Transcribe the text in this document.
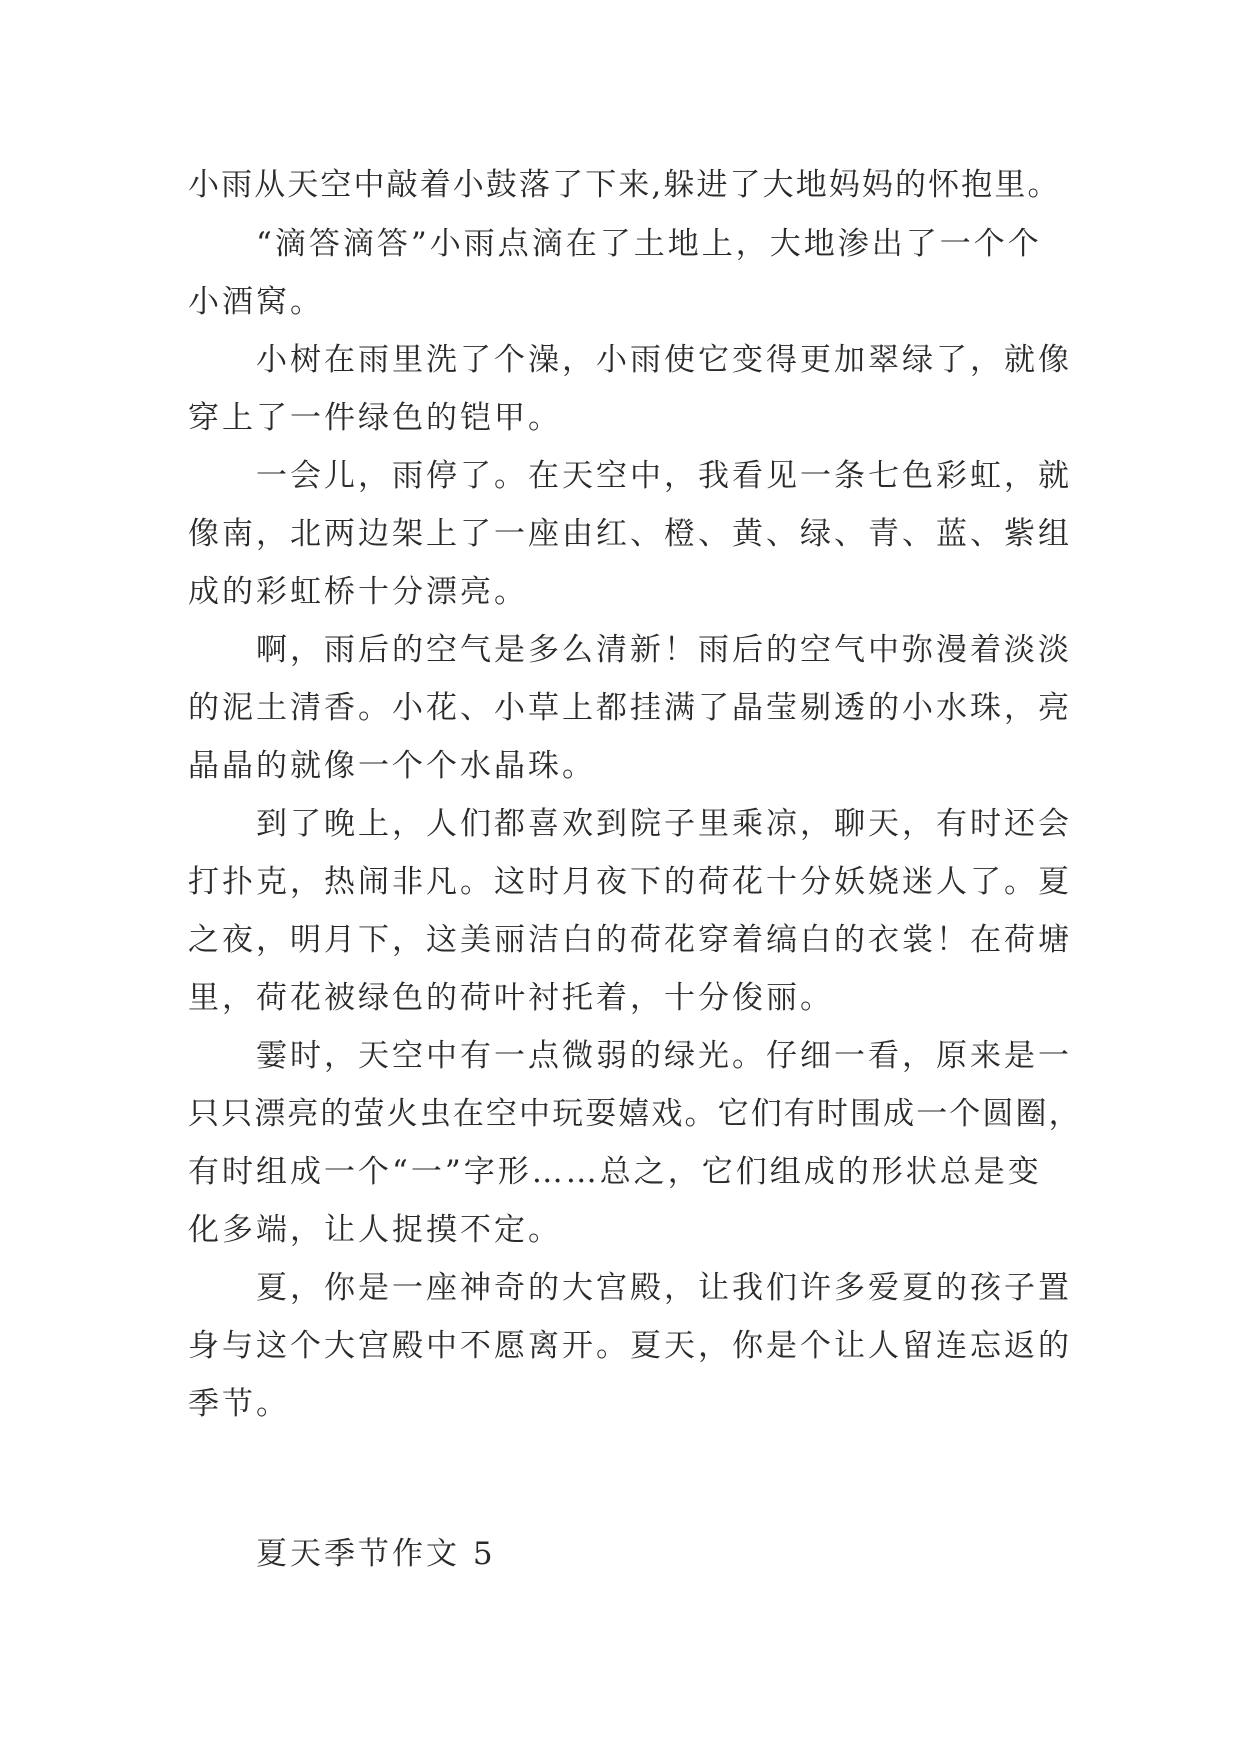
小雨从天空中敲着小鼓落了下来,躲进了大地妈妈的怀抱里。
“滴答滴答”小雨点滴在了土地上，大地渗出了一个个
小酒窝。
小树在雨里洗了个澡，小雨使它变得更加翠绿了，就像
穿上了一件绿色的铠甲。
一会儿，雨停了。在天空中，我看见一条七色彩虹，就
像南，北两边架上了一座由红、橙、黄、绿、青、蓝、紫组
成的彩虹桥十分漂亮。
啊，雨后的空气是多么清新！雨后的空气中弥漫着淡淡
的泥土清香。小花、小草上都挂满了晶莹剔透的小水珠，亮
晶晶的就像一个个水晶珠。
到了晚上，人们都喜欢到院子里乘凉，聊天，有时还会
打扑克，热闹非凡。这时月夜下的荷花十分妖娆迷人了。夏
之夜，明月下，这美丽洁白的荷花穿着缟白的衣裳！在荷塘
里，荷花被绿色的荷叶衬托着，十分俊丽。
霎时，天空中有一点微弱的绿光。仔细一看，原来是一
只只漂亮的萤火虫在空中玩耍嬉戏。它们有时围成一个圆圈，
有时组成一个“一”字形……总之，它们组成的形状总是变
化多端，让人捉摸不定。
夏，你是一座神奇的大宫殿，让我们许多爱夏的孩子置
身与这个大宫殿中不愿离开。夏天，你是个让人留连忘返的
季节。
夏天季节作文 5
